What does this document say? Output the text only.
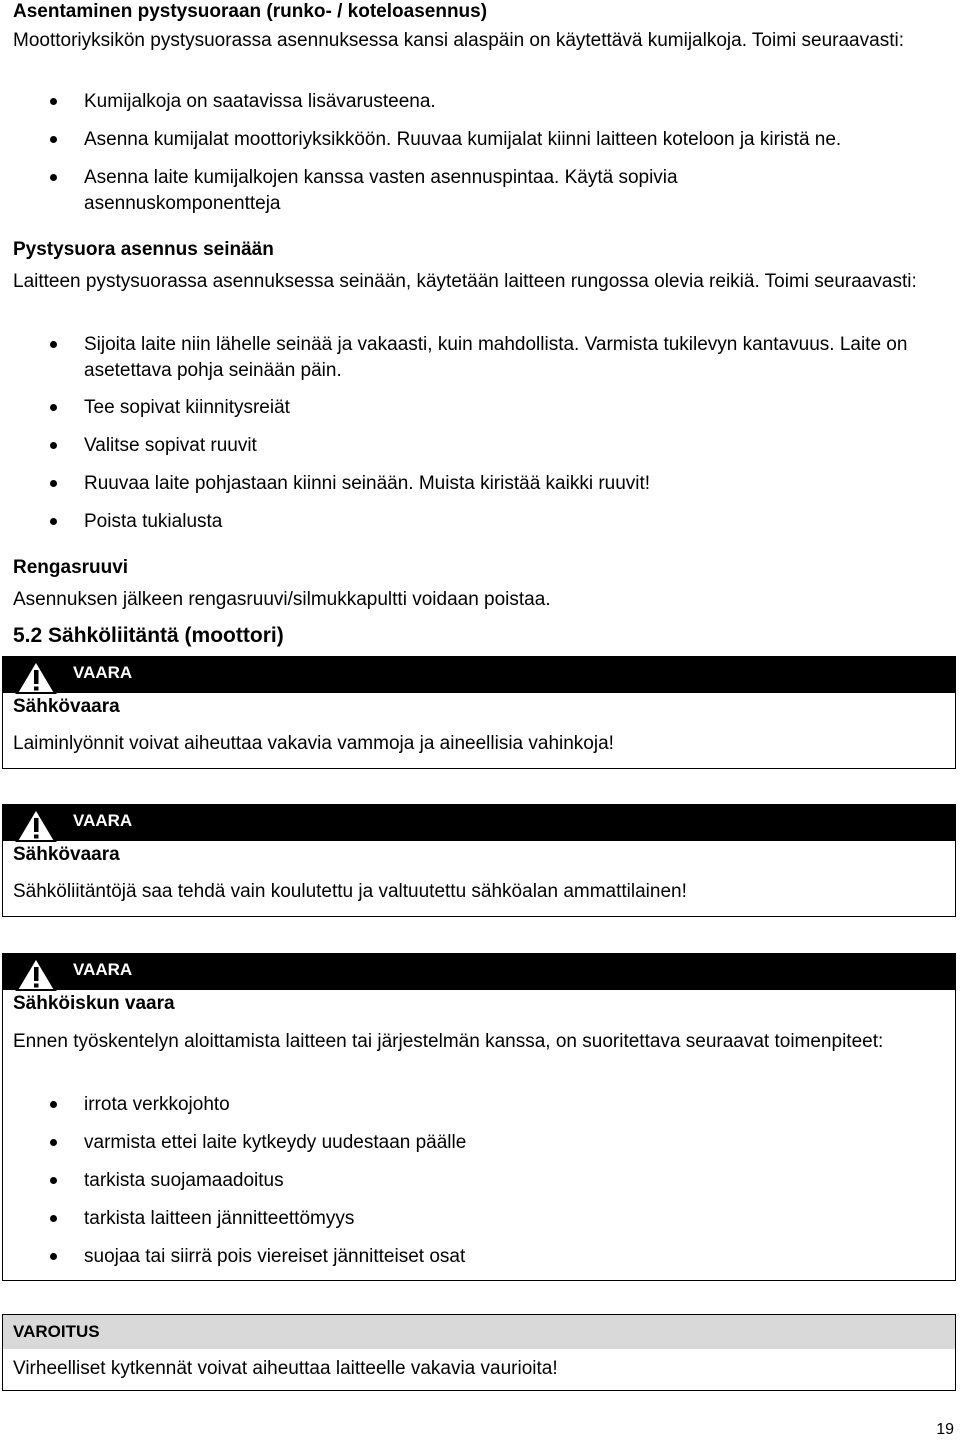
Asentaminen pystysuoraan (runko- / koteloasennus)
Moottoriyksikön pystysuorassa asennuksessa kansi alaspäin on käytettävä kumijalkoja. Toimi seuraavasti:
Kumijalkoja on saatavissa lisävarusteena.
Asenna kumijalat moottoriyksikköön. Ruuvaa kumijalat kiinni laitteen koteloon ja kiristä ne.
Asenna laite kumijalkojen kanssa vasten asennuspintaa. Käytä sopivia asennuskomponentteja
Pystysuora asennus seinään
Laitteen pystysuorassa asennuksessa seinään, käytetään laitteen rungossa olevia reikiä. Toimi seuraavasti:
Sijoita laite niin lähelle seinää ja vakaasti, kuin mahdollista. Varmista tukilevyn kantavuus. Laite on asetettava pohja seinään päin.
Tee sopivat kiinnitysreiät
Valitse sopivat ruuvit
Ruuvaa laite pohjastaan kiinni seinään. Muista kiristää kaikki ruuvit!
Poista tukialusta
Rengasruuvi
Asennuksen jälkeen rengasruuvi/silmukkapultti voidaan poistaa.
5.2 Sähköliitäntä (moottori)
VAARA
Sähkövaara
Laiminlyönnit voivat aiheuttaa vakavia vammoja ja aineellisia vahinkoja!
VAARA
Sähkövaara
Sähköliitäntöjä saa tehdä vain koulutettu ja valtuutettu sähköalan ammattilainen!
VAARA
Sähköiskun vaara
Ennen työskentelyn aloittamista laitteen tai järjestelmän kanssa, on suoritettava seuraavat toimenpiteet:
irrota verkkojohto
varmista ettei laite kytkeydy uudestaan päälle
tarkista suojamaadoitus
tarkista laitteen jännitteettömyys
suojaa tai siirrä pois viereiset jännitteiset osat
VAROITUS
Virheelliset kytkennät voivat aiheuttaa laitteelle vakavia vaurioita!
19
